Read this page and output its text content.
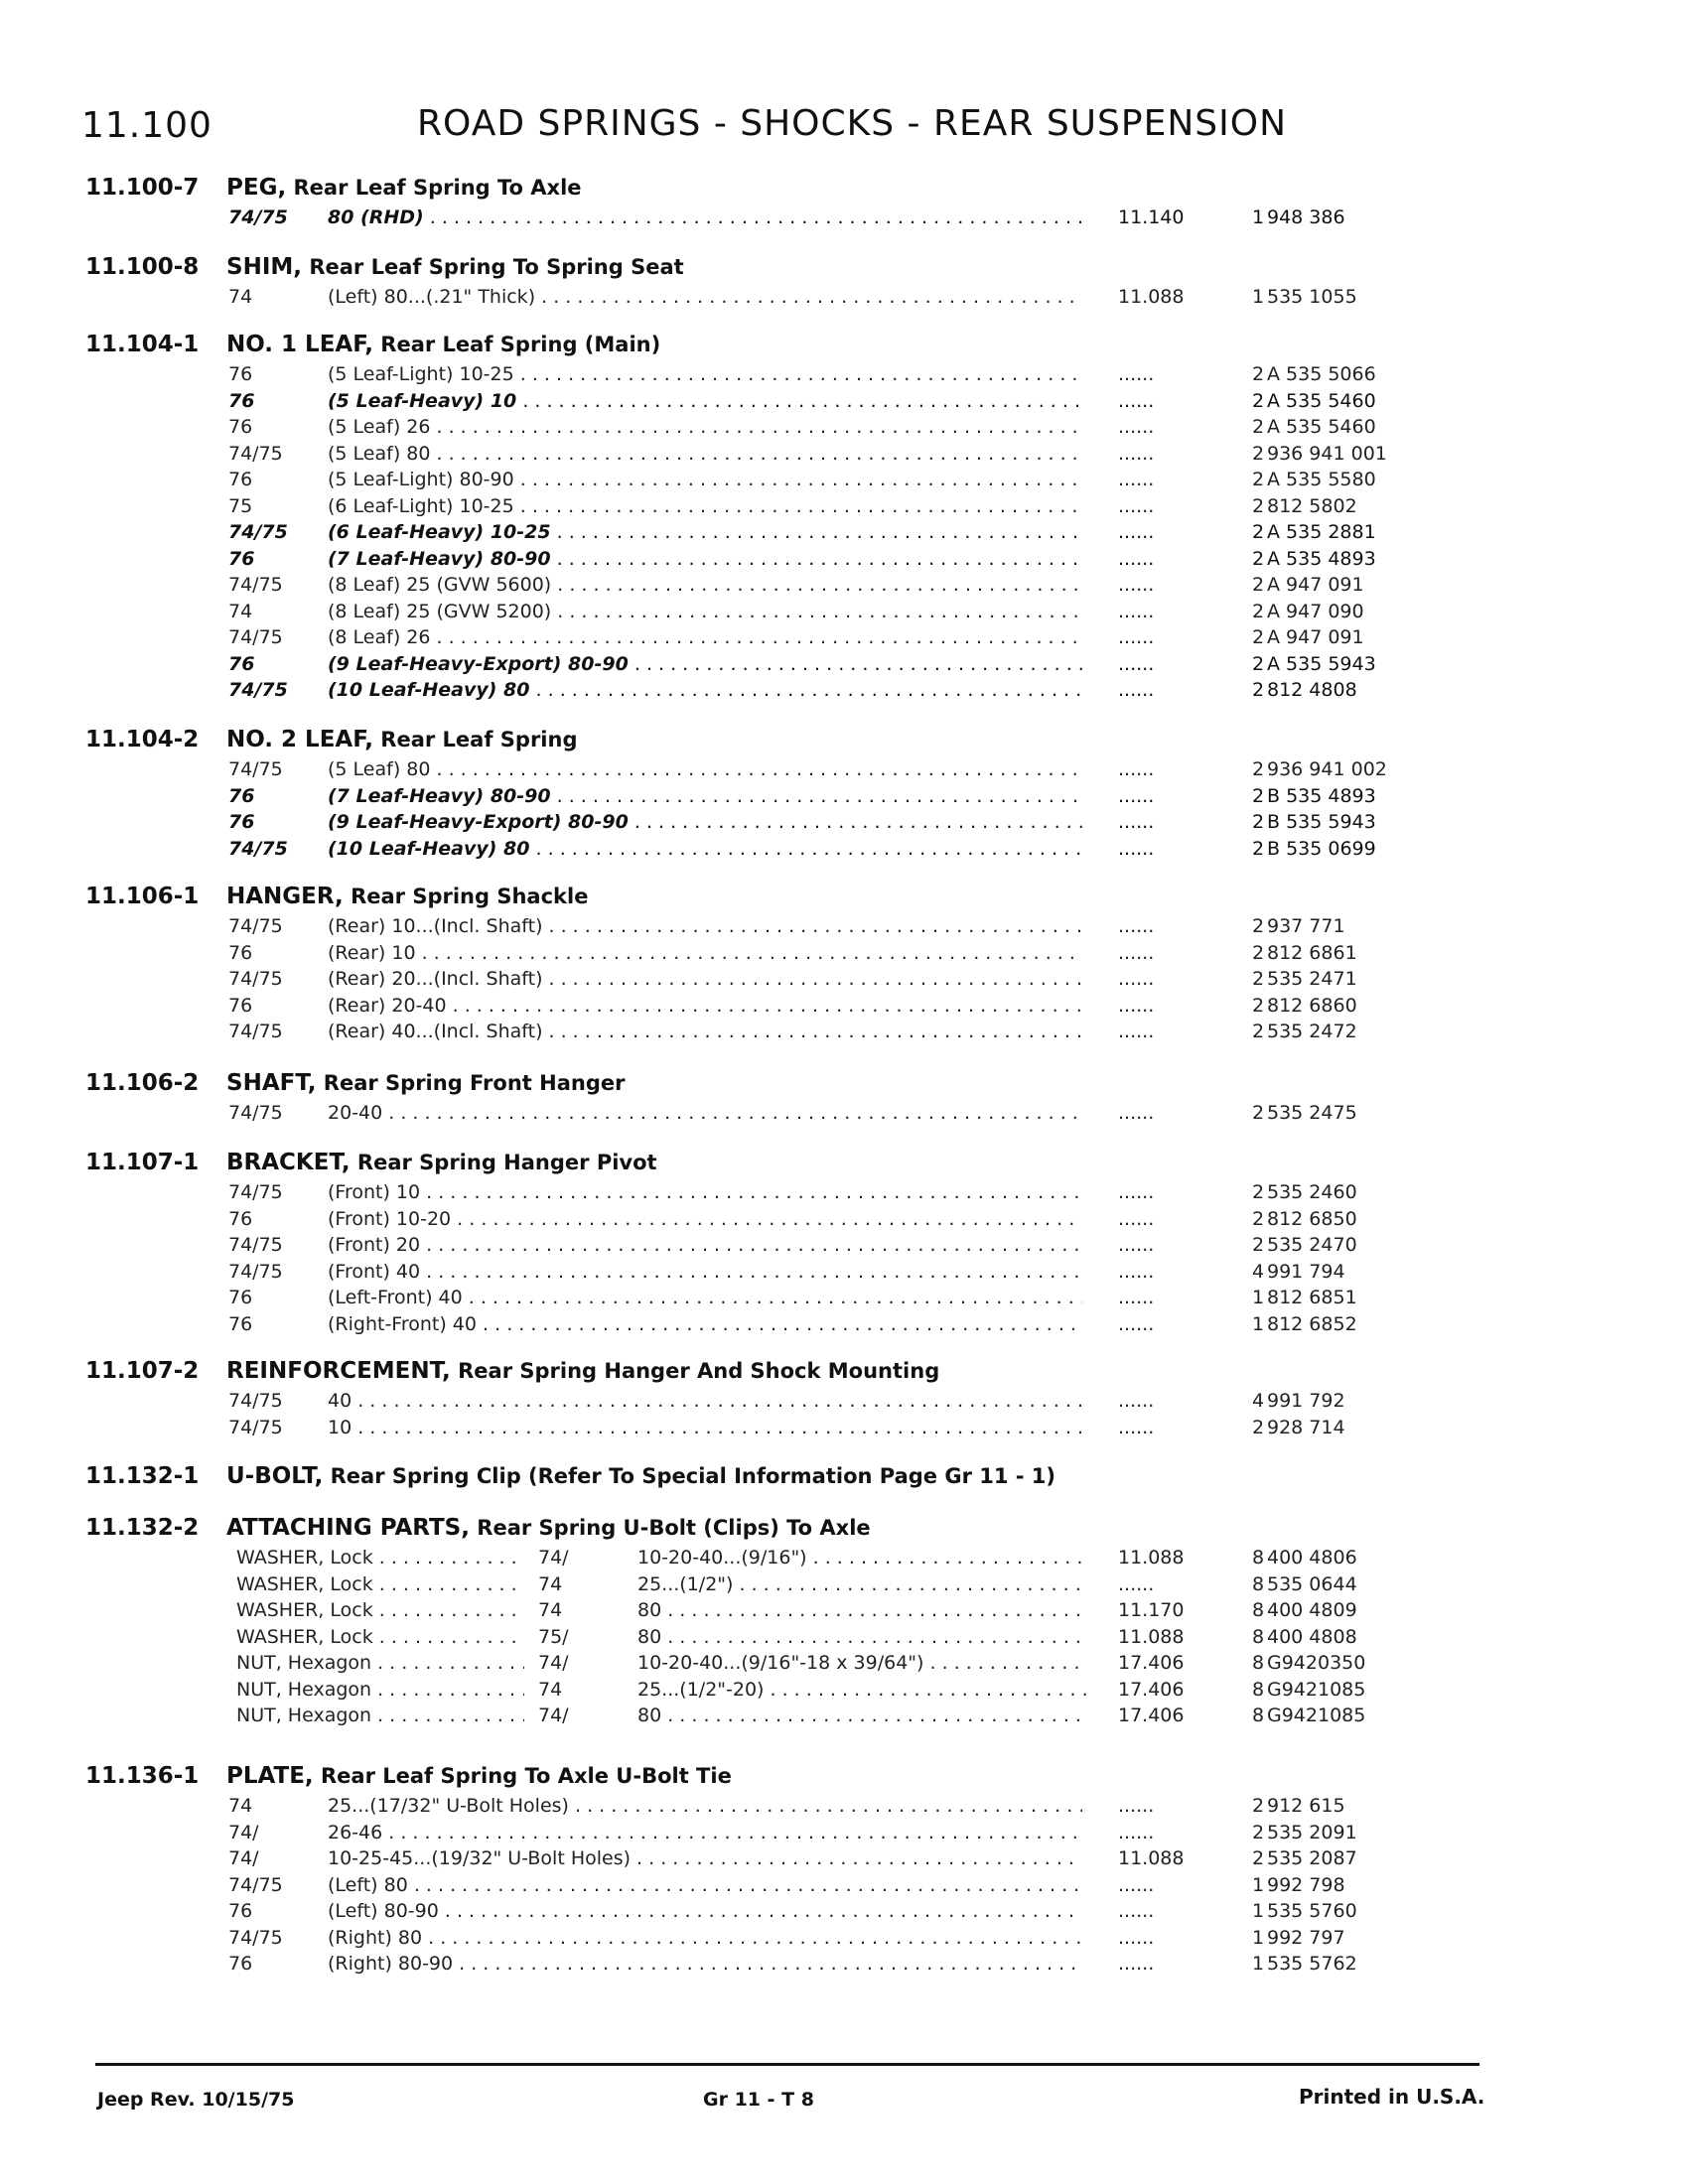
11.100	ROAD SPRINGS - SHOCKS - REAR SUSPENSION
11.100-7 PEG, Rear Leaf Spring To Axle
74/75 80 (RHD) . . .	11.140	1 948 386
11.100-8 SHIM, Rear Leaf Spring To Spring Seat
74	(Left) 80...(.21" Thick) . . .	11.088	1 535 1055
11.104-1 NO. 1 LEAF, Rear Leaf Spring (Main)
76	(5 Leaf-Light) 10-25 . . .	......	2 A 535 5066
76	(5 Leaf-Heavy) 10 . . .	......	2 A 535 5460
76	(5 Leaf) 26 . . .	......	2 A 535 5460
74/75 (5 Leaf) 80 . . .	......	2 936 941 001
76	(5 Leaf-Light) 80-90 . . .	......	2 A 535 5580
75	(6 Leaf-Light) 10-25 . . .	......	2 812 5802
74/75 (6 Leaf-Heavy) 10-25 . . .	......	2 A 535 2881
76	(7 Leaf-Heavy) 80-90 . . .	......	2 A 535 4893
74/75 (8 Leaf) 25 (GVW 5600) . . .	......	2 A 947 091
74	(8 Leaf) 25 (GVW 5200) . . .	......	2 A 947 090
74/75 (8 Leaf) 26 . . .	......	2 A 947 091
76	(9 Leaf-Heavy-Export) 80-90 . . .	......	2 A 535 5943
74/75 (10 Leaf-Heavy) 80 . . .	......	2 812 4808
11.104-2 NO. 2 LEAF, Rear Leaf Spring
74/75 (5 Leaf) 80 . . .	......	2 936 941 002
76	(7 Leaf-Heavy) 80-90 . . .	......	2 B 535 4893
76	(9 Leaf-Heavy-Export) 80-90 . . .	......	2 B 535 5943
74/75 (10 Leaf-Heavy) 80 . . .	......	2 B 535 0699
11.106-1 HANGER, Rear Spring Shackle
74/75 (Rear) 10...(Incl. Shaft) . . .	......	2 937 771
76	(Rear) 10 . . .	......	2 812 6861
74/75 (Rear) 20...(Incl. Shaft) . . .	......	2 535 2471
76	(Rear) 20-40 . . .	......	2 812 6860
74/75 (Rear) 40...(Incl. Shaft) . . .	......	2 535 2472
11.106-2 SHAFT, Rear Spring Front Hanger
74/75 20-40 . . .	......	2 535 2475
11.107-1 BRACKET, Rear Spring Hanger Pivot
74/75 (Front) 10 . . .	......	2 535 2460
76	(Front) 10-20 . . .	......	2 812 6850
74/75 (Front) 20 . . .	......	2 535 2470
74/75 (Front) 40 . . .	......	4 991 794
76	(Left-Front) 40 . . .	......	1 812 6851
76	(Right-Front) 40 . . .	......	1 812 6852
11.107-2 REINFORCEMENT, Rear Spring Hanger And Shock Mounting
74/75 40 . . .	......	4 991 792
74/75 10 . . .	......	2 928 714
11.132-1 U-BOLT, Rear Spring Clip (Refer To Special Information Page Gr 11 - 1)
11.136-1 PLATE, Rear Leaf Spring To Axle U-Bolt Tie
74	25...(17/32" U-Bolt Holes) . . .	......	2 912 615
74/	26-46 . . .	......	2 535 2091
74/	10-25-45...(19/32" U-Bolt Holes) . . .	11.088	2 535 2087
74/75 (Left) 80 . . .	......	1 992 798
76	(Left) 80-90 . . .	......	1 535 5760
74/75 (Right) 80 . . .	......	1 992 797
76	(Right) 80-90 . . .	......	1 535 5762
11.132-2 ATTACHING PARTS, Rear Spring U-Bolt (Clips) To Axle
WASHER, Lock . . .	74/	10-20-40...(9/16") . . .	11.088	8 400 4806
WASHER, Lock . . .	74	25...(1/2") . . .	......	8 535 0644
WASHER, Lock . . .	74	80 . . .	11.170	8 400 4809
WASHER, Lock . . .	75/	80 . . .	11.088	8 400 4808
NUT, Hexagon . . .	74/	10-20-40...(9/16"-18 x 39/64") . . .	17.406	8 G9420350
NUT, Hexagon . . .	74	25...(1/2"-20) . . .	17.406	8 G9421085
NUT, Hexagon . . .	74/	80 . . .	17.406	8 G9421085
Jeep Rev. 10/15/75	Gr 11 - T 8	Printed in U.S.A.
